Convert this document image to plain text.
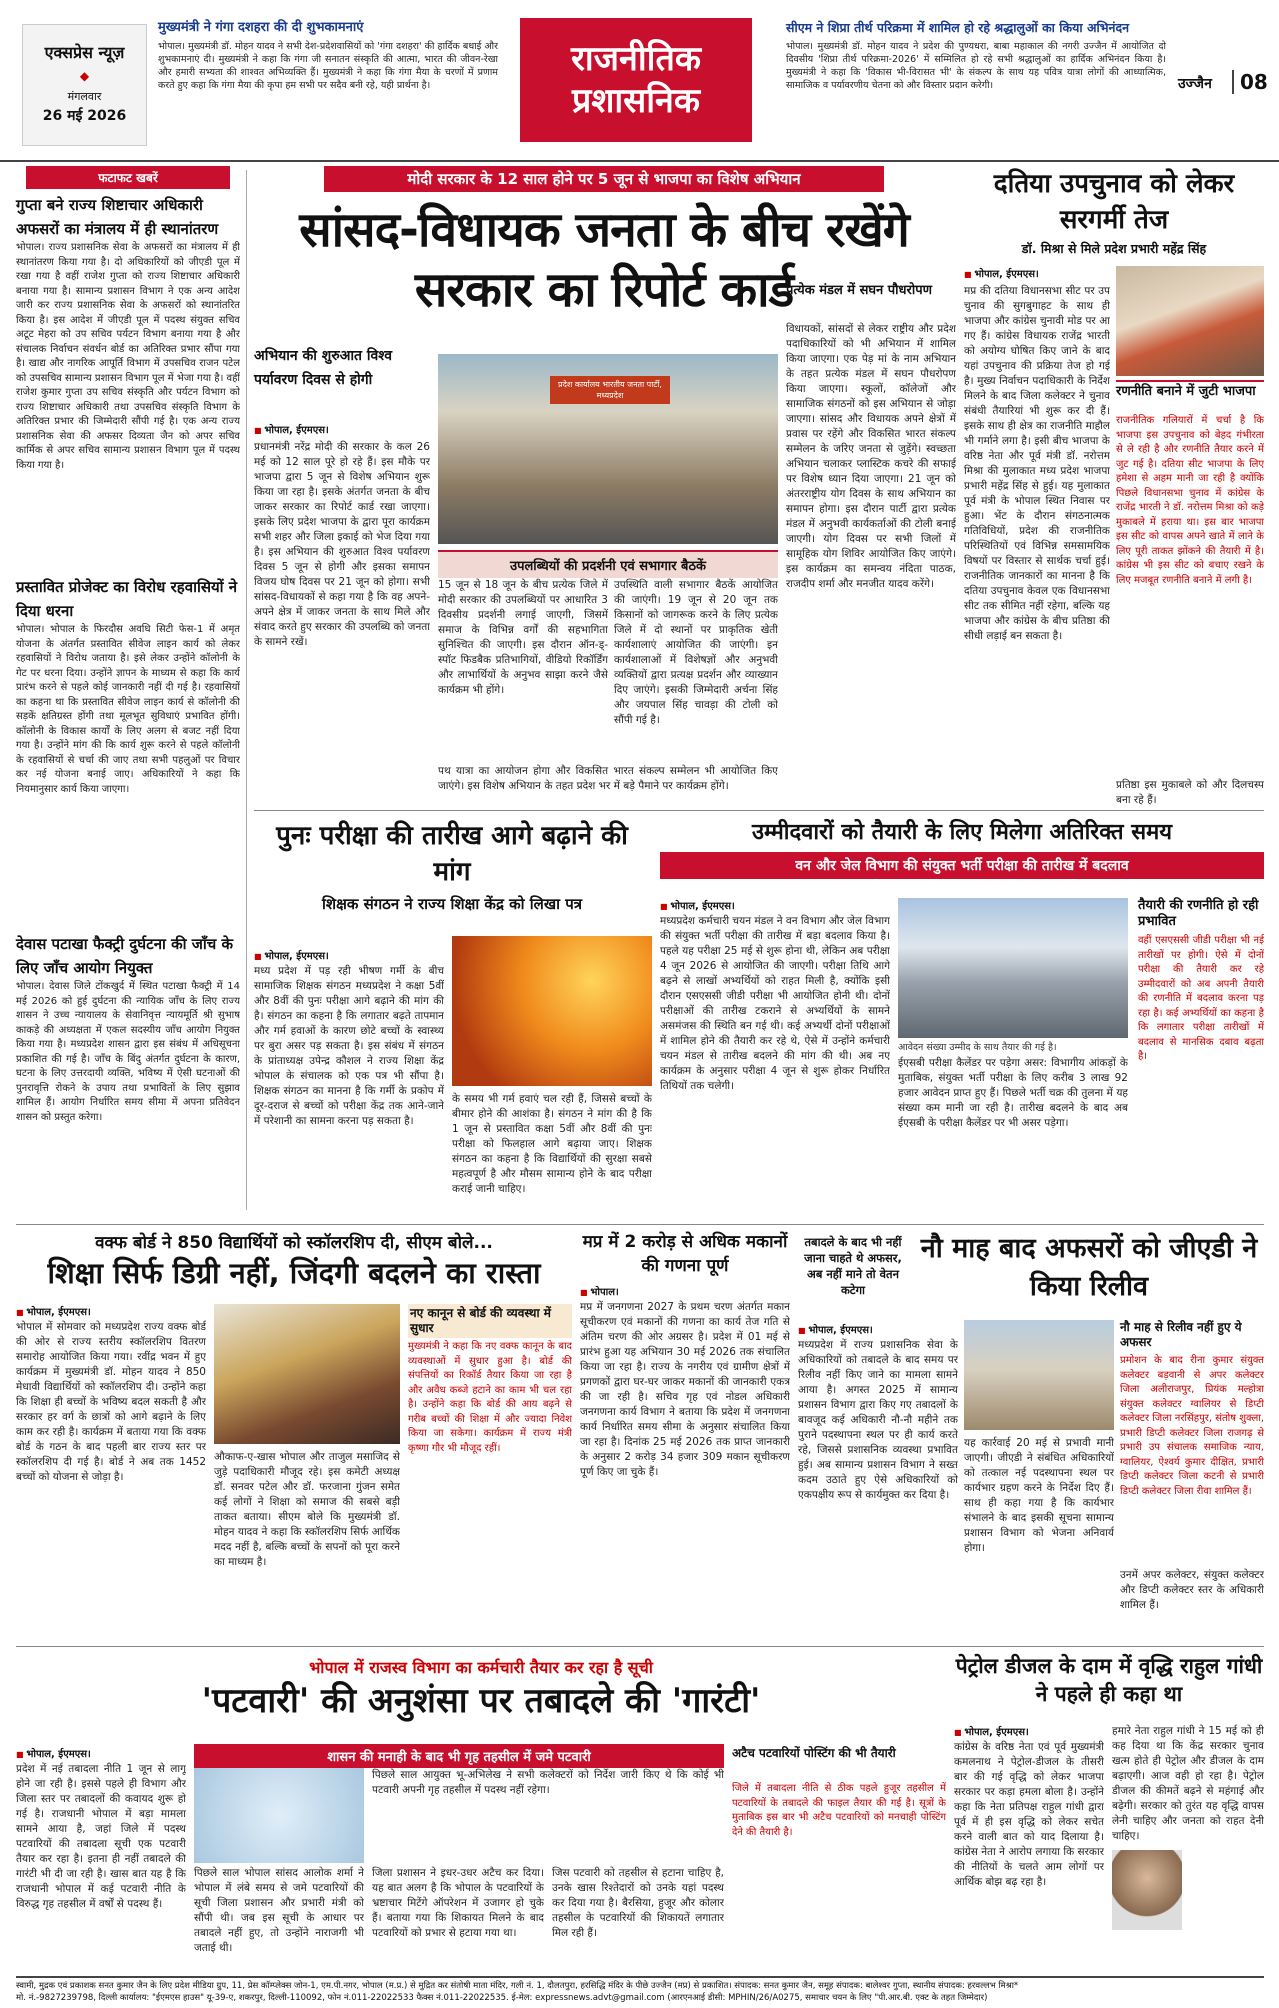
एक्सप्रेस न्यूज़
◆
मंगलवार
26 मई 2026
मुख्यमंत्री ने गंगा दशहरा की दी शुभकामनाएं
भोपाल। मुख्यमंत्री डॉ. मोहन यादव ने सभी देश-प्रदेशवासियों को 'गंगा दशहरा' की हार्दिक बधाई और शुभकामनाएं दी। मुख्यमंत्री ने कहा कि गंगा जी सनातन संस्कृति की आत्मा, भारत की जीवन-रेखा और हमारी सभ्यता की शाश्वत अभिव्यक्ति हैं। मुख्यमंत्री ने कहा कि गंगा मैया के चरणों में प्रणाम करते हुए कहा कि गंगा मैया की कृपा हम सभी पर सदैव बनी रहे, यही प्रार्थना है।
राजनीतिक प्रशासनिक
सीएम ने शिप्रा तीर्थ परिक्रमा में शामिल हो रहे श्रद्धालुओं का किया अभिनंदन
भोपाल। मुख्यमंत्री डॉ. मोहन यादव ने प्रदेश की पुण्यधरा, बाबा महाकाल की नगरी उज्जैन में आयोजित दो दिवसीय 'शिप्रा तीर्थ परिक्रमा-2026' में सम्मिलित हो रहे सभी श्रद्धालुओं का हार्दिक अभिनंदन किया है। मुख्यमंत्री ने कहा कि 'विकास भी-विरासत भी' के संकल्प के साथ यह पवित्र यात्रा लोगों की आध्यात्मिक, सामाजिक व पर्यावरणीय चेतना को और विस्तार प्रदान करेगी।	उज्जैन	08
फटाफट खबरें
गुप्ता बने राज्य शिष्टाचार अधिकारी अफसरों का मंत्रालय में ही स्थानांतरण
भोपाल। राज्य प्रशासनिक सेवा के अफसरों का मंत्रालय में ही स्थानांतरण किया गया है। दो अधिकारियों को जीएडी पूल में रखा गया है वहीं राजेश गुप्ता को राज्य शिष्टाचार अधिकारी बनाया गया है। सामान्य प्रशासन विभाग ने एक अन्य आदेश जारी कर राज्य प्रशासनिक सेवा के अफसरों को स्थानांतरित किया है। इस आदेश में जीएडी पूल में पदस्थ संयुक्त सचिव अटूट मेहरा को उप सचिव पर्यटन विभाग बनाया गया है और संचालक निर्वाचन संवर्धन बोर्ड का अतिरिक्त प्रभार सौंपा गया है। खाद्य और नागरिक आपूर्ति विभाग में उपसचिव राजन पटेल को उपसचिव सामान्य प्रशासन विभाग पूल में भेजा गया है। वहीं राजेश कुमार गुप्ता उप सचिव संस्कृति और पर्यटन विभाग को राज्य शिष्टाचार अधिकारी तथा उपसचिव संस्कृति विभाग के अतिरिक्त प्रभार की जिम्मेदारी सौंपी गई है। एक अन्य राज्य प्रशासनिक सेवा की अफसर दिव्यता जैन को अपर सचिव कार्मिक से अपर सचिव सामान्य प्रशासन विभाग पूल में पदस्थ किया गया है।
प्रस्तावित प्रोजेक्ट का विरोध रहवासियों ने दिया धरना
भोपाल। भोपाल के फिरदौस अवधि सिटी फेस-1 में अमृत योजना के अंतर्गत प्रस्तावित सीवेज लाइन कार्य को लेकर रहवासियों ने विरोध जताया है। इसे लेकर उन्होंने कॉलोनी के गेट पर धरना दिया। उन्होंने ज्ञापन के माध्यम से कहा कि कार्य प्रारंभ करने से पहले कोई जानकारी नहीं दी गई है। रहवासियों का कहना था कि प्रस्तावित सीवेज लाइन कार्य से कॉलोनी की सड़कें क्षतिग्रस्त होंगी तथा मूलभूत सुविधाएं प्रभावित होंगी। कॉलोनी के विकास कार्यों के लिए अलग से बजट नहीं दिया गया है। उन्होंने मांग की कि कार्य शुरू करने से पहले कॉलोनी के रहवासियों से चर्चा की जाए तथा सभी पहलुओं पर विचार कर नई योजना बनाई जाए। अधिकारियों ने कहा कि नियमानुसार कार्य किया जाएगा।
देवास पटाखा फैक्ट्री दुर्घटना की जाँच के लिए जाँच आयोग नियुक्त
भोपाल। देवास जिले टोंकखुर्द में स्थित पटाखा फैक्ट्री में 14 मई 2026 को हुई दुर्घटना की न्यायिक जाँच के लिए राज्य शासन ने उच्च न्यायालय के सेवानिवृत्त न्यायमूर्ति श्री सुभाष काकड़े की अध्यक्षता में एकल सदस्यीय जाँच आयोग नियुक्त किया गया है। मध्यप्रदेश शासन द्वारा इस संबंध में अधिसूचना प्रकाशित की गई है। जाँच के बिंदु अंतर्गत दुर्घटना के कारण, घटना के लिए उत्तरदायी व्यक्ति, भविष्य में ऐसी घटनाओं की पुनरावृत्ति रोकने के उपाय तथा प्रभावितों के लिए सुझाव शामिल हैं। आयोग निर्धारित समय सीमा में अपना प्रतिवेदन शासन को प्रस्तुत करेगा।
मोदी सरकार के 12 साल होने पर 5 जून से भाजपा का विशेष अभियान
सांसद-विधायक जनता के बीच रखेंगे सरकार का रिपोर्ट कार्ड
अभियान की शुरुआत विश्व पर्यावरण दिवस से होगी
■ भोपाल, ईएमएस।
प्रधानमंत्री नरेंद्र मोदी की सरकार के कल 26 मई को 12 साल पूरे हो रहे हैं। इस मौके पर भाजपा द्वारा 5 जून से विशेष अभियान शुरू किया जा रहा है। इसके अंतर्गत जनता के बीच जाकर सरकार का रिपोर्ट कार्ड रखा जाएगा। इसके लिए प्रदेश भाजपा के द्वारा पूरा कार्यक्रम सभी शहर और जिला इकाई को भेज दिया गया है। इस अभियान की शुरुआत विश्व पर्यावरण दिवस 5 जून से होगी और इसका समापन विजय घोष दिवस पर 21 जून को होगा। सभी सांसद-विधायकों से कहा गया है कि वह अपने-अपने क्षेत्र में जाकर जनता के साथ मिले और संवाद करते हुए सरकार की उपलब्धि को जनता के सामने रखें।
प्रदेश कार्यालय भारतीय जनता पार्टी, मध्यप्रदेश
उपलब्धियों की प्रदर्शनी एवं सभागार बैठकें
15 जून से 18 जून के बीच प्रत्येक जिले में मोदी सरकार की उपलब्धियों पर आधारित 3 दिवसीय प्रदर्शनी लगाई जाएगी, जिसमें समाज के विभिन्न वर्गों की सहभागिता सुनिश्चित की जाएगी। इस दौरान ऑन-ड्-स्पॉट फिडबैक प्रतिभागियों, वीडियो रिकॉर्डिंग और लाभार्थियों के अनुभव साझा करने जैसे कार्यक्रम भी होंगे।
उपस्थिति वाली सभागार बैठकें आयोजित की जाएंगी। 19 जून से 20 जून तक किसानों को जागरूक करने के लिए प्रत्येक जिले में दो स्थानों पर प्राकृतिक खेती कार्यशालाएं आयोजित की जाएंगी। इन कार्यशालाओं में विशेषज्ञों और अनुभवी व्यक्तियों द्वारा प्रत्यक्ष प्रदर्शन और व्याख्यान दिए जाएंगे। इसकी जिम्मेदारी अर्चना सिंह और जयपाल सिंह चावड़ा की टोली को सौंपी गई है।
पथ यात्रा का आयोजन होगा और विकसित भारत संकल्प सम्मेलन भी आयोजित किए जाएंगे। इस विशेष अभियान के तहत प्रदेश भर में बड़े पैमाने पर कार्यक्रम होंगे।
प्रत्येक मंडल में सघन पौधरोपण
विधायकों, सांसदों से लेकर राष्ट्रीय और प्रदेश पदाधिकारियों को भी अभियान में शामिल किया जाएगा। एक पेड़ मां के नाम अभियान के तहत प्रत्येक मंडल में सघन पौधरोपण किया जाएगा। स्कूलों, कॉलेजों और सामाजिक संगठनों को इस अभियान से जोड़ा जाएगा। सांसद और विधायक अपने क्षेत्रों में प्रवास पर रहेंगे और विकसित भारत संकल्प सम्मेलन के जरिए जनता से जुड़ेंगे। स्वच्छता अभियान चलाकर प्लास्टिक कचरे की सफाई पर विशेष ध्यान दिया जाएगा। 21 जून को अंतरराष्ट्रीय योग दिवस के साथ अभियान का समापन होगा। इस दौरान पार्टी द्वारा प्रत्येक मंडल में अनुभवी कार्यकर्ताओं की टोली बनाई जाएगी। योग दिवस पर सभी जिलों में सामूहिक योग शिविर आयोजित किए जाएंगे। इस कार्यक्रम का समन्वय नंदिता पाठक, राजदीप शर्मा और मनजीत यादव करेंगे।
दतिया उपचुनाव को लेकर सरगर्मी तेज
डॉ. मिश्रा से मिले प्रदेश प्रभारी महेंद्र सिंह
■ भोपाल, ईएमएस।
मप्र की दतिया विधानसभा सीट पर उप चुनाव की सुगबुगाहट के साथ ही भाजपा और कांग्रेस चुनावी मोड पर आ गए हैं। कांग्रेस विधायक राजेंद्र भारती को अयोग्य घोषित किए जाने के बाद यहां उपचुनाव की प्रक्रिया तेज हो गई है। मुख्य निर्वाचन पदाधिकारी के निर्देश मिलने के बाद जिला कलेक्टर ने चुनाव संबंधी तैयारियां भी शुरू कर दी हैं। इसके साथ ही क्षेत्र का राजनीति माहौल भी गर्माने लगा है। इसी बीच भाजपा के वरिष्ठ नेता और पूर्व मंत्री डॉ. नरोत्तम मिश्रा की मुलाकात मध्य प्रदेश भाजपा प्रभारी महेंद्र सिंह से हुई। यह मुलाकात पूर्व मंत्री के भोपाल स्थित निवास पर हुआ। भेंट के दौरान संगठनात्मक गतिविधियों, प्रदेश की राजनीतिक परिस्थितियों एवं विभिन्न समसामयिक विषयों पर विस्तार से सार्थक चर्चा हुई। राजनीतिक जानकारों का मानना है कि दतिया उपचुनाव केवल एक विधानसभा सीट तक सीमित नहीं रहेगा, बल्कि यह भाजपा और कांग्रेस के बीच प्रतिष्ठा की सीधी लड़ाई बन सकता है।
रणनीति बनाने में जुटी भाजपा
राजनीतिक गलियारों में चर्चा है कि भाजपा इस उपचुनाव को बेहद गंभीरता से ले रही है और रणनीति तैयार करने में जुट गई है। दतिया सीट भाजपा के लिए हमेशा से अहम मानी जा रही है क्योंकि पिछले विधानसभा चुनाव में कांग्रेस के राजेंद्र भारती ने डॉ. नरोत्तम मिश्रा को कड़े मुकाबले में हराया था। इस बार भाजपा इस सीट को वापस अपने खाते में लाने के लिए पूरी ताकत झोंकने की तैयारी में है। कांग्रेस भी इस सीट को बचाए रखने के लिए मजबूत रणनीति बनाने में लगी है।
प्रतिष्ठा इस मुकाबले को और दिलचस्प बना रहे हैं।
पुनः परीक्षा की तारीख आगे बढ़ाने की मांग
शिक्षक संगठन ने राज्य शिक्षा केंद्र को लिखा पत्र
■ भोपाल, ईएमएस।
मध्य प्रदेश में पड़ रही भीषण गर्मी के बीच सामाजिक शिक्षक संगठन मध्यप्रदेश ने कक्षा 5वीं और 8वीं की पुनः परीक्षा आगे बढ़ाने की मांग की है। संगठन का कहना है कि लगातार बढ़ते तापमान और गर्म हवाओं के कारण छोटे बच्चों के स्वास्थ्य पर बुरा असर पड़ सकता है। इस संबंध में संगठन के प्रांताध्यक्ष उपेन्द्र कौशल ने राज्य शिक्षा केंद्र भोपाल के संचालक को एक पत्र भी सौंपा है। शिक्षक संगठन का मानना है कि गर्मी के प्रकोप में दूर-दराज से बच्चों को परीक्षा केंद्र तक आने-जाने में परेशानी का सामना करना पड़ सकता है।
के समय भी गर्म हवाएं चल रही हैं, जिससे बच्चों के बीमार होने की आशंका है। संगठन ने मांग की है कि 1 जून से प्रस्तावित कक्षा 5वीं और 8वीं की पुनः परीक्षा को फिलहाल आगे बढ़ाया जाए। शिक्षक संगठन का कहना है कि विद्यार्थियों की सुरक्षा सबसे महत्वपूर्ण है और मौसम सामान्य होने के बाद परीक्षा कराई जानी चाहिए।
उम्मीदवारों को तैयारी के लिए मिलेगा अतिरिक्त समय
वन और जेल विभाग की संयुक्त भर्ती परीक्षा की तारीख में बदलाव
■ भोपाल, ईएमएस।
मध्यप्रदेश कर्मचारी चयन मंडल ने वन विभाग और जेल विभाग की संयुक्त भर्ती परीक्षा की तारीख में बड़ा बदलाव किया है। पहले यह परीक्षा 25 मई से शुरू होना थी, लेकिन अब परीक्षा 4 जून 2026 से आयोजित की जाएगी। परीक्षा तिथि आगे बढ़ने से लाखों अभ्यर्थियों को राहत मिली है, क्योंकि इसी दौरान एसएससी जीडी परीक्षा भी आयोजित होनी थी। दोनों परीक्षाओं की तारीख टकराने से अभ्यर्थियों के सामने असमंजस की स्थिति बन गई थी। कई अभ्यर्थी दोनों परीक्षाओं में शामिल होने की तैयारी कर रहे थे, ऐसे में उन्होंने कर्मचारी चयन मंडल से तारीख बदलने की मांग की थी। अब नए कार्यक्रम के अनुसार परीक्षा 4 जून से शुरू होकर निर्धारित तिथियों तक चलेगी।
आवेदन संख्या उम्मीद के साथ तैयार की गई है।
ईएसबी परीक्षा कैलेंडर पर पड़ेगा असर: विभागीय आंकड़ों के मुताबिक, संयुक्त भर्ती परीक्षा के लिए करीब 3 लाख 92 हजार आवेदन प्राप्त हुए हैं। पिछले भर्ती चक्र की तुलना में यह संख्या कम मानी जा रही है। तारीख बदलने के बाद अब ईएसबी के परीक्षा कैलेंडर पर भी असर पड़ेगा।
तैयारी की रणनीति हो रही प्रभावित
वहीं एसएससी जीडी परीक्षा भी नई तारीखों पर होगी। ऐसे में दोनों परीक्षा की तैयारी कर रहे उम्मीदवारों को अब अपनी तैयारी की रणनीति में बदलाव करना पड़ रहा है। कई अभ्यर्थियों का कहना है कि लगातार परीक्षा तारीखों में बदलाव से मानसिक दबाव बढ़ता है।
वक्फ बोर्ड ने 850 विद्यार्थियों को स्कॉलरशिप दी, सीएम बोले...
शिक्षा सिर्फ डिग्री नहीं, जिंदगी बदलने का रास्ता
■ भोपाल, ईएमएस।
भोपाल में सोमवार को मध्यप्रदेश राज्य वक्फ बोर्ड की ओर से राज्य स्तरीय स्कॉलरशिप वितरण समारोह आयोजित किया गया। रवींद्र भवन में हुए कार्यक्रम में मुख्यमंत्री डॉ. मोहन यादव ने 850 मेधावी विद्यार्थियों को स्कॉलरशिप दी। उन्होंने कहा कि शिक्षा ही बच्चों के भविष्य बदल सकती है और सरकार हर वर्ग के छात्रों को आगे बढ़ाने के लिए काम कर रही है। कार्यक्रम में बताया गया कि वक्फ बोर्ड के गठन के बाद पहली बार राज्य स्तर पर स्कॉलरशिप दी गई है। बोर्ड ने अब तक 1452 बच्चों को योजना से जोड़ा है।
औकाफ-ए-खास भोपाल और ताजुल मसाजिद से जुड़े पदाधिकारी मौजूद रहे। इस कमेटी अध्यक्ष डॉ. सनवर पटेल और डॉ. फरजाना गुंजन समेत कई लोगों ने शिक्षा को समाज की सबसे बड़ी ताकत बताया। सीएम बोले कि मुख्यमंत्री डॉ. मोहन यादव ने कहा कि स्कॉलरशिप सिर्फ आर्थिक मदद नहीं है, बल्कि बच्चों के सपनों को पूरा करने का माध्यम है।
नए कानून से बोर्ड की व्यवस्था में सुधार
मुख्यमंत्री ने कहा कि नए वक्फ कानून के बाद व्यवस्थाओं में सुधार हुआ है। बोर्ड की संपत्तियों का रिकॉर्ड तैयार किया जा रहा है और अवैध कब्जे हटाने का काम भी चल रहा है। उन्होंने कहा कि बोर्ड की आय बढ़ने से गरीब बच्चों की शिक्षा में और ज्यादा निवेश किया जा सकेगा। कार्यक्रम में राज्य मंत्री कृष्णा गौर भी मौजूद रहीं।
मप्र में 2 करोड़ से अधिक मकानों की गणना पूर्ण
■ भोपाल।
मप्र में जनगणना 2027 के प्रथम चरण अंतर्गत मकान सूचीकरण एवं मकानों की गणना का कार्य तेज गति से अंतिम चरण की ओर अग्रसर है। प्रदेश में 01 मई से प्रारंभ हुआ यह अभियान 30 मई 2026 तक संचालित किया जा रहा है। राज्य के नगरीय एवं ग्रामीण क्षेत्रों में प्रगणकों द्वारा घर-घर जाकर मकानों की जानकारी एकत्र की जा रही है। सचिव गृह एवं नोडल अधिकारी जनगणना कार्य विभाग ने बताया कि प्रदेश में जनगणना कार्य निर्धारित समय सीमा के अनुसार संचालित किया जा रहा है। दिनांक 25 मई 2026 तक प्राप्त जानकारी के अनुसार 2 करोड़ 34 हजार 309 मकान सूचीकरण पूर्ण किए जा चुके हैं।
तबादले के बाद भी नहीं जाना चाहते थे अफसर, अब नहीं माने तो वेतन कटेगा
नौ माह बाद अफसरों को जीएडी ने किया रिलीव
■ भोपाल, ईएमएस।
मध्यप्रदेश में राज्य प्रशासनिक सेवा के अधिकारियों को तबादले के बाद समय पर रिलीव नहीं किए जाने का मामला सामने आया है। अगस्त 2025 में सामान्य प्रशासन विभाग द्वारा किए गए तबादलों के बावजूद कई अधिकारी नौ-नौ महीने तक पुराने पदस्थापना स्थल पर ही कार्य करते रहे, जिससे प्रशासनिक व्यवस्था प्रभावित हुई। अब सामान्य प्रशासन विभाग ने सख्त कदम उठाते हुए ऐसे अधिकारियों को एकपक्षीय रूप से कार्यमुक्त कर दिया है।
यह कार्रवाई 20 मई से प्रभावी मानी जाएगी। जीएडी ने संबंधित अधिकारियों को तत्काल नई पदस्थापना स्थल पर कार्यभार ग्रहण करने के निर्देश दिए हैं। साथ ही कहा गया है कि कार्यभार संभालने के बाद इसकी सूचना सामान्य प्रशासन विभाग को भेजना अनिवार्य होगा।
नौ माह से रिलीव नहीं हुए ये अफसर
प्रमोशन के बाद रीना कुमार संयुक्त कलेक्टर बड़वानी से अपर कलेक्टर जिला अलीराजपुर, प्रियंक मल्होत्रा संयुक्त कलेक्टर ग्वालियर से डिप्टी कलेक्टर जिला नरसिंहपुर, संतोष शुक्ला, प्रभारी डिप्टी कलेक्टर जिला राजगढ़ से प्रभारी उप संचालक समाजिक न्याय, ग्वालियर, ऐश्वर्य कुमार दीक्षित, प्रभारी डिप्टी कलेक्टर जिला कटनी से प्रभारी डिप्टी कलेक्टर जिला रीवा शामिल हैं।
उनमें अपर कलेक्टर, संयुक्त कलेक्टर और डिप्टी कलेक्टर स्तर के अधिकारी शामिल हैं।
भोपाल में राजस्व विभाग का कर्मचारी तैयार कर रहा है सूची
'पटवारी' की अनुशंसा पर तबादले की 'गारंटी'
■ भोपाल, ईएमएस।
प्रदेश में नई तबादला नीति 1 जून से लागू होने जा रही है। इससे पहले ही विभाग और जिला स्तर पर तबादलों की कवायद शुरू हो गई है। राजधानी भोपाल में बड़ा मामला सामने आया है, जहां जिले में पदस्थ पटवारियों की तबादला सूची एक पटवारी तैयार कर रहा है। इतना ही नहीं तबादले की गारंटी भी दी जा रही है। खास बात यह है कि राजधानी भोपाल में कई पटवारी नीति के विरुद्ध गृह तहसील में वर्षों से पदस्थ हैं।
शासन की मनाही के बाद भी गृह तहसील में जमे पटवारी
पिछले साल आयुक्त भू-अभिलेख ने सभी कलेक्टरों को निर्देश जारी किए थे कि कोई भी पटवारी अपनी गृह तहसील में पदस्थ नहीं रहेगा।
पिछले साल भोपाल सांसद आलोक शर्मा ने भोपाल में लंबे समय से जमे पटवारियों की सूची जिला प्रशासन और प्रभारी मंत्री को सौंपी थी। जब इस सूची के आधार पर तबादले नहीं हुए, तो उन्होंने नाराजगी भी जताई थी।
जिला प्रशासन ने इधर-उधर अटैच कर दिया। यह बात अलग है कि भोपाल के पटवारियों के भ्रष्टाचार मिटेंगे ऑपरेशन में उजागर हो चुके हैं। बताया गया कि शिकायत मिलने के बाद पटवारियों को प्रभार से हटाया गया था।
जिस पटवारी को तहसील से हटाना चाहिए है, उनके खास रिश्तेदारों को उनके यहां पदस्थ कर दिया गया है। बैरसिया, हुजूर और कोलार तहसील के पटवारियों की शिकायतें लगातार मिल रही हैं।
अटैच पटवारियों पोस्टिंग की भी तैयारी
जिले में तबादला नीति से ठीक पहले हुजूर तहसील में पटवारियों के तबादले की फाइल तैयार की गई है। सूत्रों के मुताबिक इस बार भी अटैच पटवारियों को मनचाही पोस्टिंग देने की तैयारी है।
पेट्रोल डीजल के दाम में वृद्धि राहुल गांधी ने पहले ही कहा था
■ भोपाल, ईएमएस।
कांग्रेस के वरिष्ठ नेता एवं पूर्व मुख्यमंत्री कमलनाथ ने पेट्रोल-डीजल के तीसरी बार की गई वृद्धि को लेकर भाजपा सरकार पर कड़ा हमला बोला है। उन्होंने कहा कि नेता प्रतिपक्ष राहुल गांधी द्वारा पूर्व में ही इस वृद्धि को लेकर सचेत करने वाली बात को याद दिलाया है। कांग्रेस नेता ने आरोप लगाया कि सरकार की नीतियों के चलते आम लोगों पर आर्थिक बोझ बढ़ रहा है।
हमारे नेता राहुल गांधी ने 15 मई को ही कह दिया था कि केंद्र सरकार चुनाव खत्म होते ही पेट्रोल और डीजल के दाम बढ़ाएगी। आज वही हो रहा है। पेट्रोल डीजल की कीमतें बढ़ने से महंगाई और बढ़ेगी। सरकार को तुरंत यह वृद्धि वापस लेनी चाहिए और जनता को राहत देनी चाहिए।
स्वामी, मुद्रक एवं प्रकाशक सनत कुमार जैन के लिए प्रदेश मीडिया ग्रुप, 11, प्रेस कॉम्प्लेक्स जोन-1, एम.पी.नगर, भोपाल (म.प्र.) से मुद्रित कर संतोषी माता मंदिर, गली नं. 1, दौलतपुरा, हरसिद्धि मंदिर के पीछे उज्जैन (मप्र) से प्रकाशित। संपादक: सनत कुमार जैन, समूह संपादक: बालेश्वर गुप्ता, स्थानीय संपादक: हरवल्लभ मिश्रा*
मो. नं.-9827239798, दिल्ली कार्यालय: "ईएमएस हाउस" यू-39-ए, शकरपुर, दिल्ली-110092, फोन नं.011-22022533 फैक्स नं.011-22022535. ई-मेल: expressnews.advt@gmail.com (आरएनआई डीसी: MPHIN/26/A0275, समाचार चयन के लिए "पी.आर.बी. एक्ट के तहत जिम्मेदार)
